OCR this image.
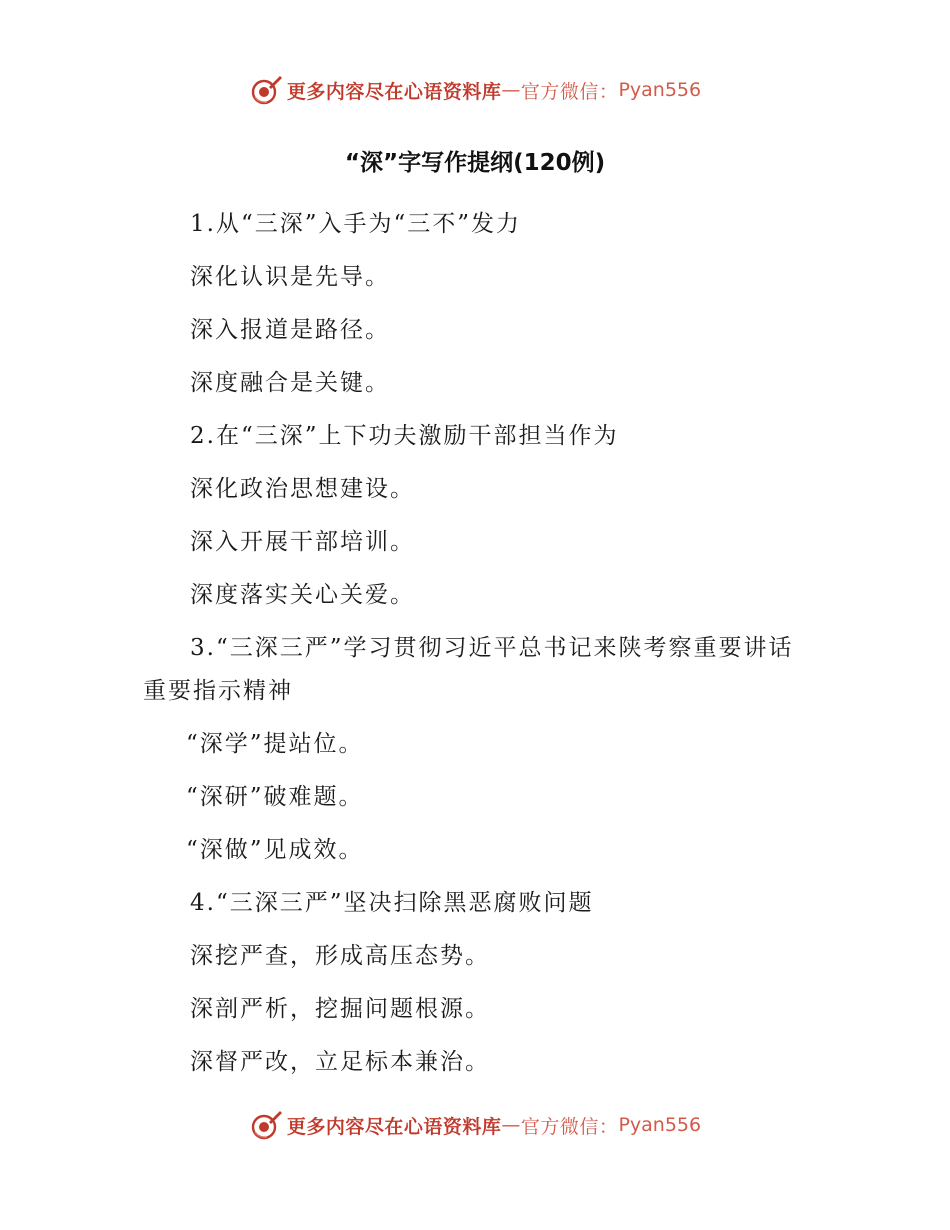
更多内容尽在心语资料库 — 官方微信： Pyan556
“深”字写作提纲(120例)
1.从“三深”入手为“三不”发力
深化认识是先导。
深入报道是路径。
深度融合是关键。
2.在“三深”上下功夫激励干部担当作为
深化政治思想建设。
深入开展干部培训。
深度落实关心关爱。
3.“三深三严”学习贯彻习近平总书记来陕考察重要讲话
重要指示精神
“深学”提站位。
“深研”破难题。
“深做”见成效。
4.“三深三严”坚决扫除黑恶腐败问题
深挖严查，形成高压态势。
深剖严析，挖掘问题根源。
深督严改，立足标本兼治。
更多内容尽在心语资料库 — 官方微信： Pyan556
